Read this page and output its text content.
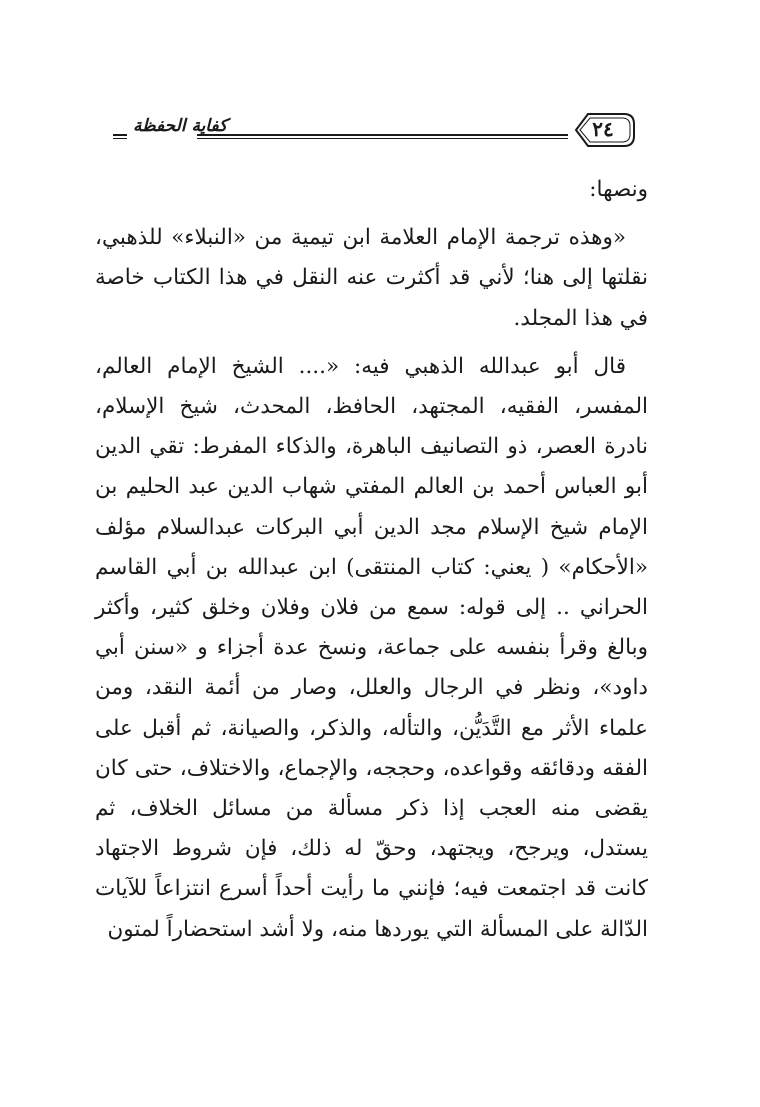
كفاية الحفظة	٢٤

ونصها:

«وهذه ترجمة الإمام العلامة ابن تيمية من «النبلاء» للذهبي، نقلتها إلى هنا؛ لأني قد أكثرت عنه النقل في هذا الكتاب خاصة في هذا المجلد.

قال أبو عبدالله الذهبي فيه: «.... الشيخ الإمام العالم، المفسر، الفقيه، المجتهد، الحافظ، المحدث، شيخ الإسلام، نادرة العصر، ذو التصانيف الباهرة، والذكاء المفرط: تقي الدين أبو العباس أحمد بن العالم المفتي شهاب الدين عبد الحليم بن الإمام شيخ الإسلام مجد الدين أبي البركات عبدالسلام مؤلف «الأحكام» ( يعني: كتاب المنتقى) ابن عبدالله بن أبي القاسم الحراني .. إلى قوله: سمع من فلان وفلان وخلق كثير، وأكثر وبالغ وقرأ بنفسه على جماعة، ونسخ عدة أجزاء و «سنن أبي داود»، ونظر في الرجال والعلل، وصار من أئمة النقد، ومن علماء الأثر مع التَّدَيُّن، والتأله، والذكر، والصيانة، ثم أقبل على الفقه ودقائقه وقواعده، وحججه، والإجماع، والاختلاف، حتى كان يقضى منه العجب إذا ذكر مسألة من مسائل الخلاف، ثم يستدل، ويرجح، ويجتهد، وحقّ له ذلك، فإن شروط الاجتهاد كانت قد اجتمعت فيه؛ فإنني ما رأيت أحداً أسرع انتزاعاً للآيات الدّالة على المسألة التي يوردها منه، ولا أشد استحضاراً لمتون
